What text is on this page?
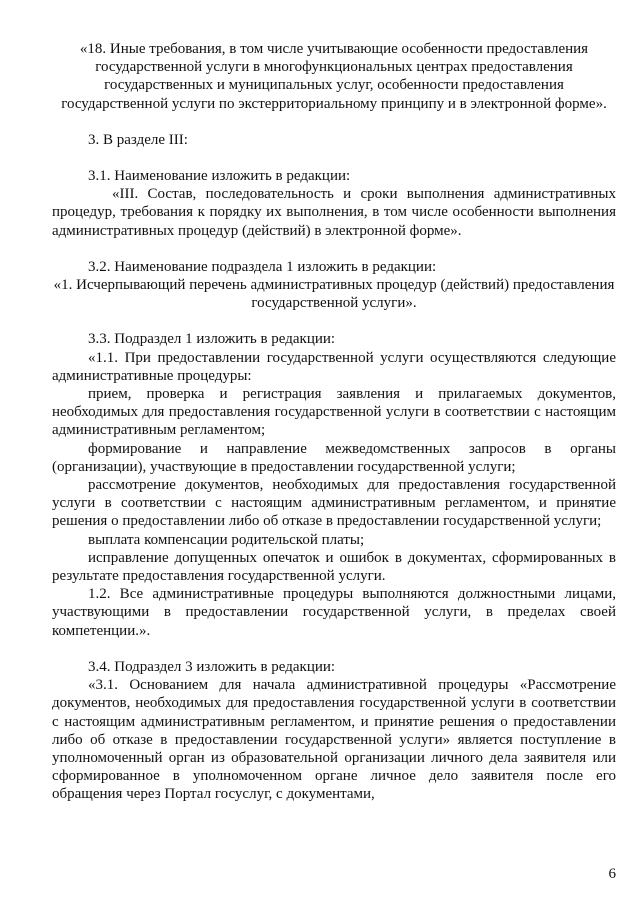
«18. Иные требования, в том числе учитывающие особенности предоставления государственной услуги в многофункциональных центрах предоставления государственных и муниципальных услуг, особенности предоставления государственной услуги по экстерриториальному принципу и в электронной форме».

3. В разделе III:

3.1. Наименование изложить в редакции:

«III. Состав, последовательность и сроки выполнения административных процедур, требования к порядку их выполнения, в том числе особенности выполнения административных процедур (действий) в электронной форме».

3.2. Наименование подраздела 1 изложить в редакции:

«1. Исчерпывающий перечень административных процедур (действий) предоставления государственной услуги».

3.3. Подраздел 1 изложить в редакции:

«1.1. При предоставлении государственной услуги осуществляются следующие административные процедуры:

прием, проверка и регистрация заявления и прилагаемых документов, необходимых для предоставления государственной услуги в соответствии с настоящим административным регламентом;

формирование и направление межведомственных запросов в органы (организации), участвующие в предоставлении государственной услуги;

рассмотрение документов, необходимых для предоставления государственной услуги в соответствии с настоящим административным регламентом, и принятие решения о предоставлении либо об отказе в предоставлении государственной услуги;

выплата компенсации родительской платы;

исправление допущенных опечаток и ошибок в документах, сформированных в результате предоставления государственной услуги.

1.2. Все административные процедуры выполняются должностными лицами, участвующими в предоставлении государственной услуги, в пределах своей компетенции.».

3.4. Подраздел 3 изложить в редакции:

«3.1. Основанием для начала административной процедуры «Рассмотрение документов, необходимых для предоставления государственной услуги в соответствии с настоящим административным регламентом, и принятие решения о предоставлении либо об отказе в предоставлении государственной услуги» является поступление в уполномоченный орган из образовательной организации личного дела заявителя или сформированное в уполномоченном органе личное дело заявителя после его обращения через Портал госуслуг, с документами,

6
